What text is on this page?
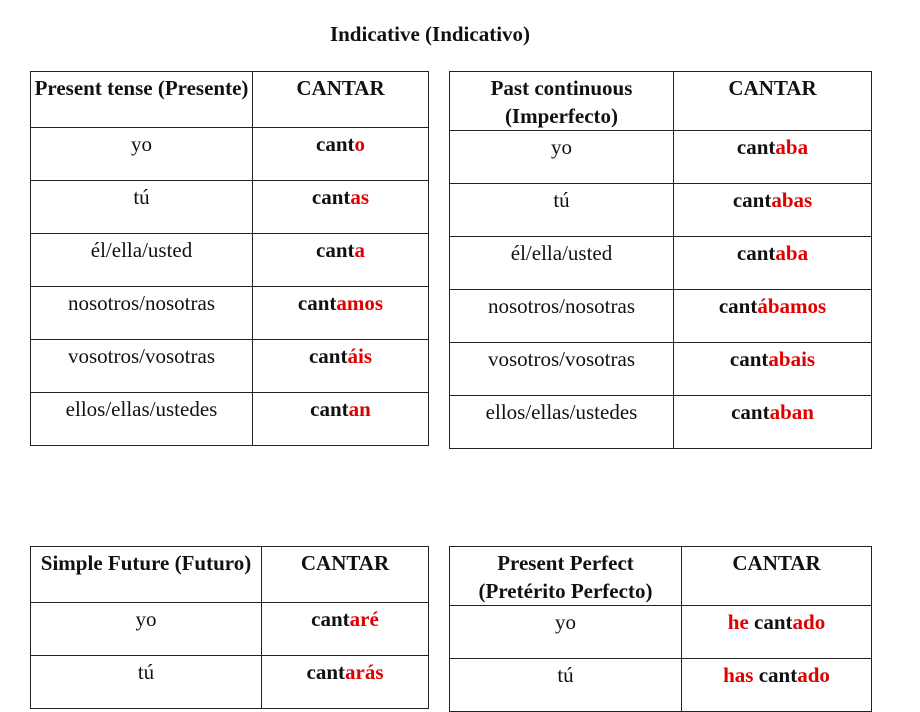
Indicative (Indicativo)
Present tense (Presente)	CANTAR
yo	canto
tú	cantas
él/ella/usted	canta
nosotros/nosotras	cantamos
vosotros/vosotras	cantáis
ellos/ellas/ustedes	cantan
Past continuous (Imperfecto)	CANTAR
yo	cantaba
tú	cantabas
él/ella/usted	cantaba
nosotros/nosotras	cantábamos
vosotros/vosotras	cantabais
ellos/ellas/ustedes	cantaban
Simple Future (Futuro)	CANTAR
yo	cantaré
tú	cantarás
Present Perfect (Pretérito Perfecto)	CANTAR
yo	he cantado
tú	has cantado
